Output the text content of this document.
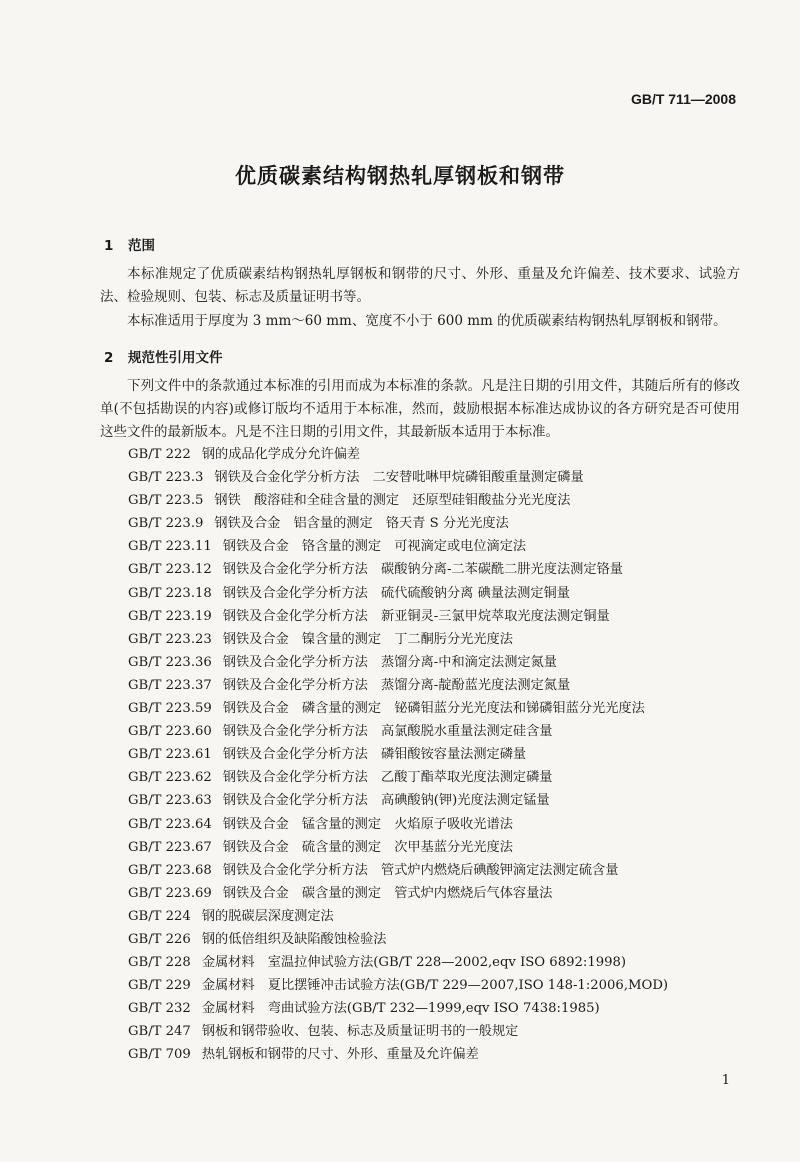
GB/T 711—2008
优质碳素结构钢热轧厚钢板和钢带
1 范围

本标准规定了优质碳素结构钢热轧厚钢板和钢带的尺寸、外形、重量及允许偏差、技术要求、试验方法、检验规则、包装、标志及质量证明书等。

本标准适用于厚度为 3 mm～60 mm、宽度不小于 600 mm 的优质碳素结构钢热轧厚钢板和钢带。

2 规范性引用文件

下列文件中的条款通过本标准的引用而成为本标准的条款。凡是注日期的引用文件，其随后所有的修改单(不包括勘误的内容)或修订版均不适用于本标准，然而，鼓励根据本标准达成协议的各方研究是否可使用这些文件的最新版本。凡是不注日期的引用文件，其最新版本适用于本标准。

GB/T 222 钢的成品化学成分允许偏差
GB/T 223.3 钢铁及合金化学分析方法　二安替吡啉甲烷磷钼酸重量测定磷量
GB/T 223.5 钢铁　酸溶硅和全硅含量的测定　还原型硅钼酸盐分光光度法
GB/T 223.9 钢铁及合金　铝含量的测定　铬天青 S 分光光度法
GB/T 223.11 钢铁及合金　铬含量的测定　可视滴定或电位滴定法
GB/T 223.12 钢铁及合金化学分析方法　碳酸钠分离-二苯碳酰二肼光度法测定铬量
GB/T 223.18 钢铁及合金化学分析方法　硫代硫酸钠分离 碘量法测定铜量
GB/T 223.19 钢铁及合金化学分析方法　新亚铜灵-三氯甲烷萃取光度法测定铜量
GB/T 223.23 钢铁及合金　镍含量的测定　丁二酮肟分光光度法
GB/T 223.36 钢铁及合金化学分析方法　蒸馏分离-中和滴定法测定氮量
GB/T 223.37 钢铁及合金化学分析方法　蒸馏分离-靛酚蓝光度法测定氮量
GB/T 223.59 钢铁及合金　磷含量的测定　铋磷钼蓝分光光度法和锑磷钼蓝分光光度法
GB/T 223.60 钢铁及合金化学分析方法　高氯酸脱水重量法测定硅含量
GB/T 223.61 钢铁及合金化学分析方法　磷钼酸铵容量法测定磷量
GB/T 223.62 钢铁及合金化学分析方法　乙酸丁酯萃取光度法测定磷量
GB/T 223.63 钢铁及合金化学分析方法　高碘酸钠(钾)光度法测定锰量
GB/T 223.64 钢铁及合金　锰含量的测定　火焰原子吸收光谱法
GB/T 223.67 钢铁及合金　硫含量的测定　次甲基蓝分光光度法
GB/T 223.68 钢铁及合金化学分析方法　管式炉内燃烧后碘酸钾滴定法测定硫含量
GB/T 223.69 钢铁及合金　碳含量的测定　管式炉内燃烧后气体容量法
GB/T 224 钢的脱碳层深度测定法
GB/T 226 钢的低倍组织及缺陷酸蚀检验法
GB/T 228 金属材料　室温拉伸试验方法(GB/T 228—2002,eqv ISO 6892:1998)
GB/T 229 金属材料　夏比摆锤冲击试验方法(GB/T 229—2007,ISO 148-1:2006,MOD)
GB/T 232 金属材料　弯曲试验方法(GB/T 232—1999,eqv ISO 7438:1985)
GB/T 247 钢板和钢带验收、包装、标志及质量证明书的一般规定
GB/T 709 热轧钢板和钢带的尺寸、外形、重量及允许偏差
1
